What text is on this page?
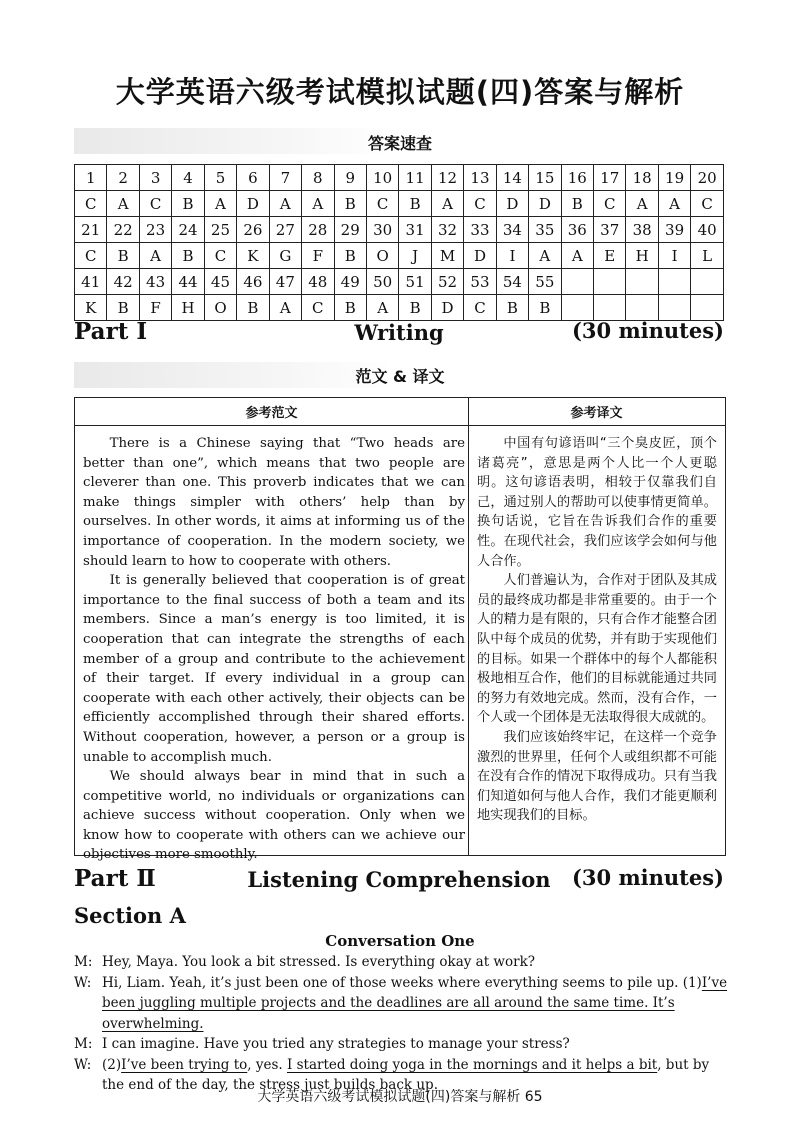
大学英语六级考试模拟试题(四)答案与解析
答案速查
1	2	3	4	5	6	7	8	9	10	11	12	13	14	15	16	17	18	19	20
C	A	C	B	A	D	A	A	B	C	B	A	C	D	D	B	C	A	A	C
21	22	23	24	25	26	27	28	29	30	31	32	33	34	35	36	37	38	39	40
C	B	A	B	C	K	G	F	B	O	J	M	D	I	A	A	E	H	I	L
41	42	43	44	45	46	47	48	49	50	51	52	53	54	55					
K	B	F	H	O	B	A	C	B	A	B	D	C	B	B					
Part Ⅰ	Writing	(30 minutes)
范文 & 译文
参考范文	参考译文

There is a Chinese saying that “Two heads are better than one”, which means that two people are cleverer than one. This proverb indicates that we can make things simpler with others’ help than by ourselves. In other words, it aims at informing us of the importance of cooperation. In the modern society, we should learn to how to cooperate with others.

It is generally believed that cooperation is of great importance to the final success of both a team and its members. Since a man’s energy is too limited, it is cooperation that can integrate the strengths of each member of a group and contribute to the achievement of their target. If every individual in a group can cooperate with each other actively, their objects can be efficiently accomplished through their shared efforts. Without cooperation, however, a person or a group is unable to accomplish much.

We should always bear in mind that in such a competitive world, no individuals or organizations can achieve success without cooperation. Only when we know how to cooperate with others can we achieve our objectives more smoothly.

中国有句谚语叫“三个臭皮匠，顶个诸葛亮”，意思是两个人比一个人更聪明。这句谚语表明，相较于仅靠我们自己，通过别人的帮助可以使事情更简单。换句话说，它旨在告诉我们合作的重要性。在现代社会，我们应该学会如何与他人合作。

人们普遍认为，合作对于团队及其成员的最终成功都是非常重要的。由于一个人的精力是有限的，只有合作才能整合团队中每个成员的优势，并有助于实现他们的目标。如果一个群体中的每个人都能积极地相互合作，他们的目标就能通过共同的努力有效地完成。然而，没有合作，一个人或一个团体是无法取得很大成就的。

我们应该始终牢记，在这样一个竞争激烈的世界里，任何个人或组织都不可能在没有合作的情况下取得成功。只有当我们知道如何与他人合作，我们才能更顺利地实现我们的目标。

Part Ⅱ	Listening Comprehension	(30 minutes)
Section A
Conversation One
M: Hey, Maya. You look a bit stressed. Is everything okay at work?
W: Hi, Liam. Yeah, it’s just been one of those weeks where everything seems to pile up. (1)I’ve been juggling multiple projects and the deadlines are all around the same time. It’s overwhelming.
M: I can imagine. Have you tried any strategies to manage your stress?
W: (2)I’ve been trying to, yes. I started doing yoga in the mornings and it helps a bit, but by the end of the day, the stress just builds back up.
大学英语六级考试模拟试题(四)答案与解析 65
